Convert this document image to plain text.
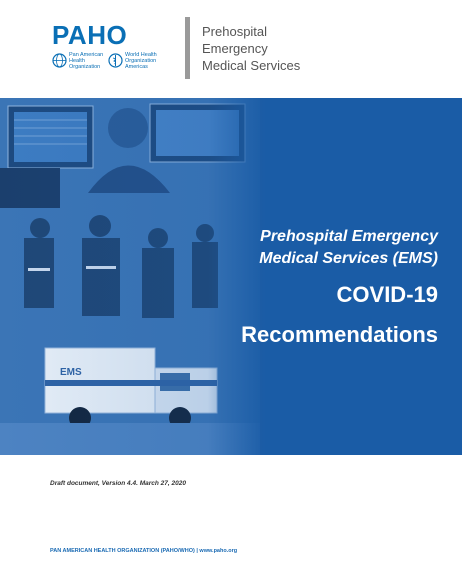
PAHO
Pan American
Health
Organization
World Health
Organization
Americas
Prehospital
Emergency
Medical Services
Prehospital Emergency
Medical Services (EMS)
COVID-19
Recommendations
Draft document, Version 4.4. March 27, 2020
PAN AMERICAN HEALTH ORGANIZATION (PAHO/WHO) | www.paho.org
